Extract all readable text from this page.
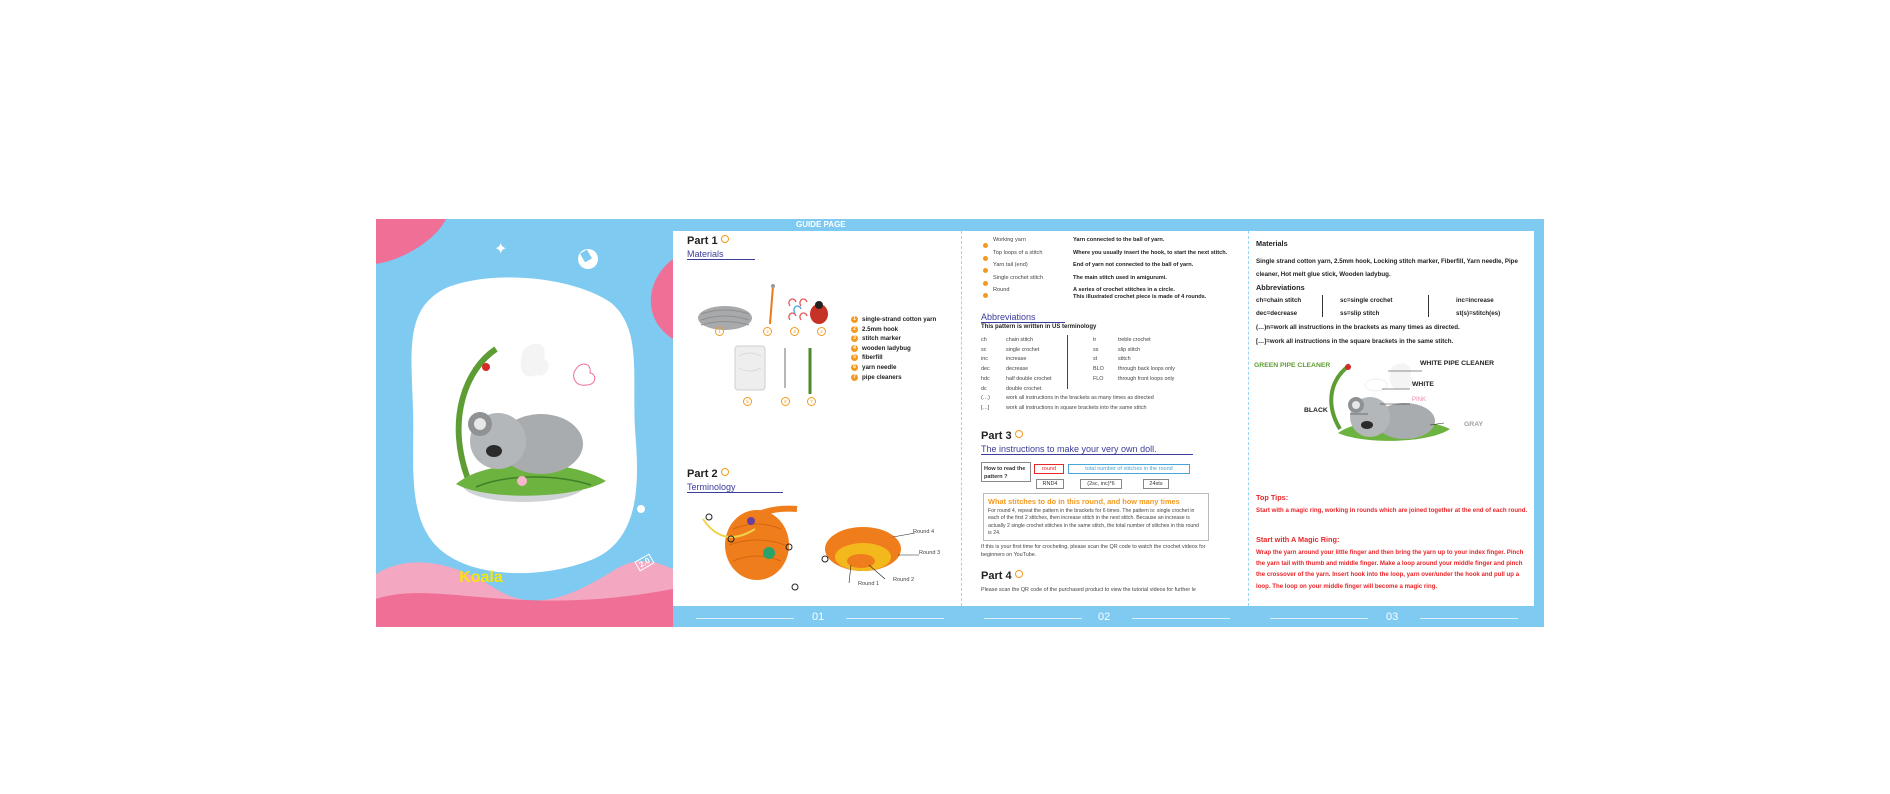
✦
Koala
2.0
GUIDE PAGE
Part 1
Materials
1	2	3	4
5	6	7
1 single-strand cotton yarn
2 2.5mm hook
3 stitch marker
4 wooden ladybug
5 fiberfill
6 yarn needle
7 pipe cleaners
Part 2
Terminology
Round 4
Round 3
Round 2
Round 1
Working yarn	Yarn connected to the ball of yarn.
Top loops of a stitch	Where you usually insert the hook, to start the next stitch.
Yarn tail (end)	End of yarn not connected to the ball of yarn.
Single crochet stitch	The main stitch used in amigurumi.
Round	A series of crochet stitches in a circle.
This illustrated crochet piece is made of 4 rounds.
Abbreviations
This pattern is written in US terminology
ch	chain stitch
sc	single crochet
inc	increase
dec	decrease
hdc	half double crochet
dc	double crochet
(…)	work all instructions in the brackets as many times as directed
[…]	work all instructions in square brackets into the same stitch
tr	treble crochet
ss	slip stitch
st	stitch
BLO	through back loops only
FLO	through front loops only
Part 3
The instructions to make your very own doll.
How to read the pattern ?
round	total number of stitches in the round
RND4	(2sc, inc)*6	24sts
What stitches to do in this round, and how many times
For round 4, repeat the pattern in the brackets for 6 times. The pattern is: single crochet in each of the first 2 stitches, then increase stitch in the next stitch. Because an increase is actually 2 single crochet stitches in the same stitch, the total number of stitches in this round is 24.
If this is your first time for crocheting, please scan the QR code to watch the crochet videos for beginners on YouTube.
Part 4
Please scan the QR code of the purchased product to view the tutorial videos for further le
Materials
Single strand cotton yarn, 2.5mm hook, Locking stitch marker, Fiberfill, Yarn needle, Pipe cleaner, Hot melt glue stick, Wooden ladybug.
Abbreviations
ch=chain stitch	sc=single crochet	inc=increase
dec=decrease	ss=slip stitch	st(s)=stitch(es)
(…)n=work all instructions in the brackets as many times as directed.
[…]=work all instructions in the square brackets in the same stitch.
GREEN PIPE CLEANER	WHITE PIPE CLEANER
WHITE
PINK
BLACK
GRAY
Top Tips:
Start with a magic ring, working in rounds which are joined together at the end of each round.
Start with A Magic Ring:
Wrap the yarn around your little finger and then bring the yarn up to your index finger. Pinch the yarn tail with thumb and middle finger. Make a loop around your middle finger and pinch the crossover of the yarn. Insert hook into the loop, yarn over/under the hook and pull up a loop. The loop on your middle finger will become a magic ring.
01	02	03
